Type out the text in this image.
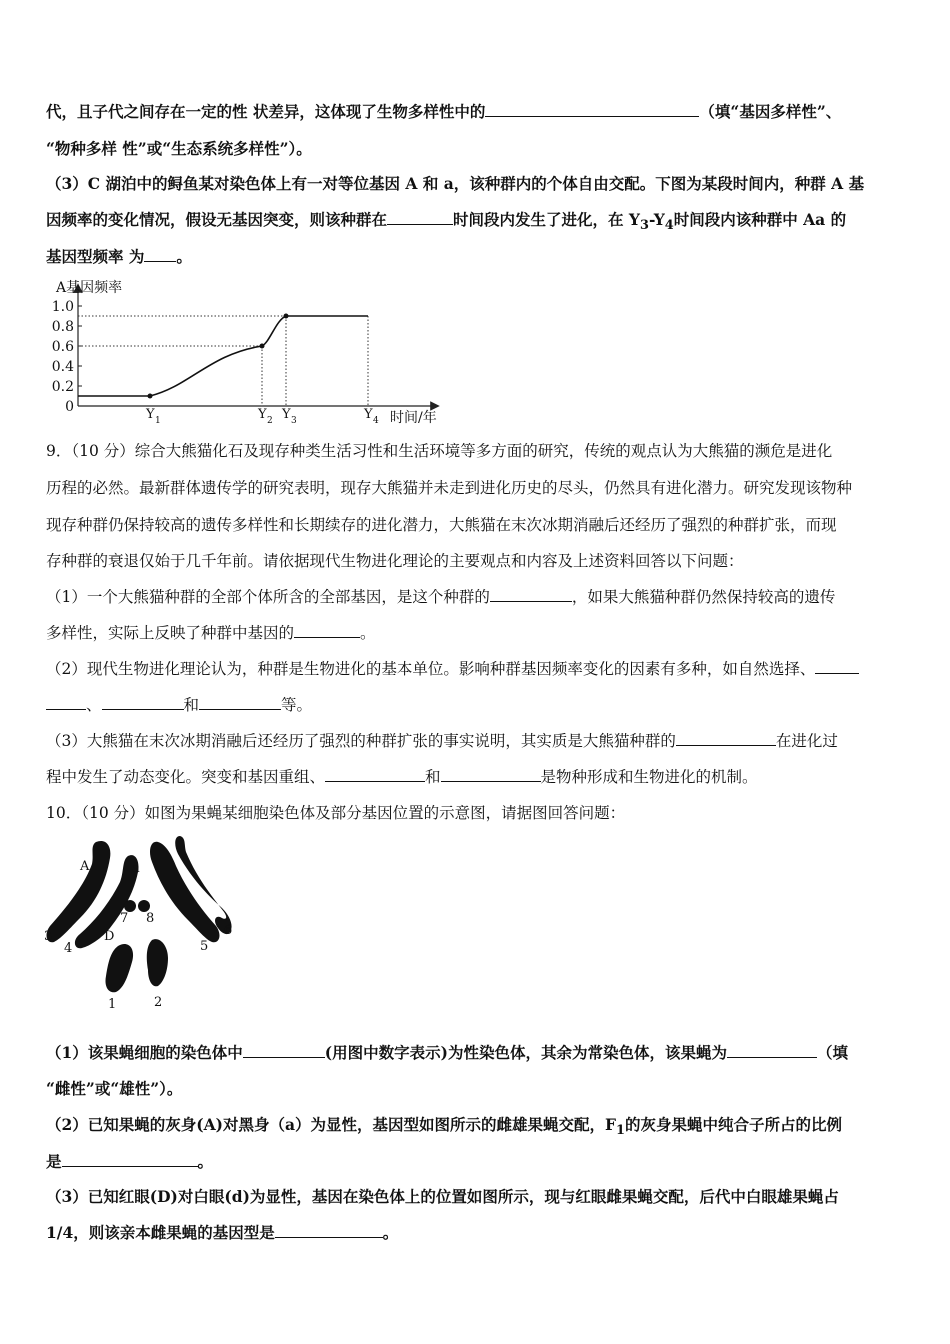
代，且子代之间存在一定的性 状差异，这体现了生物多样性中的	（填“基因多样性”、
“物种多样 性”或“生态系统多样性”）。
（3）C 湖泊中的鲟鱼某对染色体上有一对等位基因 A 和 a，该种群内的个体自由交配。下图为某段时间内，种群 A 基
因频率的变化情况，假设无基因突变，则该种群在	时间段内发生了进化，在 $Y_3-Y_4$时间段内该种群中 Aa 的
基因型频率 为 。
A基因频率
时间/年
0
0.2
0.4
0.6
0.8
1.0
Y 1	Y 2 Y 3	Y 4
9．（10 分）综合大熊猫化石及现存种类生活习性和生活环境等多方面的研究，传统的观点认为大熊猫的濒危是进化
历程的必然。最新群体遗传学的研究表明，现存大熊猫并未走到进化历史的尽头，仍然具有进化潜力。研究发现该物种
现存种群仍保持较高的遗传多样性和长期续存的进化潜力，大熊猫在末次冰期消融后还经历了强烈的种群扩张，而现
存种群的衰退仅始于几千年前。请依据现代生物进化理论的主要观点和内容及上述资料回答以下问题：
（1）一个大熊猫种群的全部个体所含的全部基因，是这个种群的	，如果大熊猫种群仍然保持较高的遗传
多样性，实际上反映了种群中基因的	。
（2）现代生物进化理论认为，种群是生物进化的基本单位。影响种群基因频率变化的因素有多种，如自然选择、
、	和	等。
（3）大熊猫在末次冰期消融后还经历了强烈的种群扩张的事实说明，其实质是大熊猫种群的	在进化过
程中发生了动态变化。突变和基因重组、	和	是物种形成和生物进化的机制。
10．（10 分）如图为果蝇某细胞染色体及部分基因位置的示意图，请据图回答问题：
A	a
D
3
4
7 8
5
6
1	2
（1）该果蝇细胞的染色体中	(用图中数字表示)为性染色体，其余为常染色体，该果蝇为	（填
“雌性”或“雄性”）。
（2）已知果蝇的灰身(A)对黑身（a）为显性，基因型如图所示的雌雄果蝇交配，$F_1$的灰身果蝇中纯合子所占的比例
是	。
（3）已知红眼(D)对白眼(d)为显性，基因在染色体上的位置如图所示，现与红眼雌果蝇交配，后代中白眼雄果蝇占
1/4，则该亲本雌果蝇的基因型是	。
